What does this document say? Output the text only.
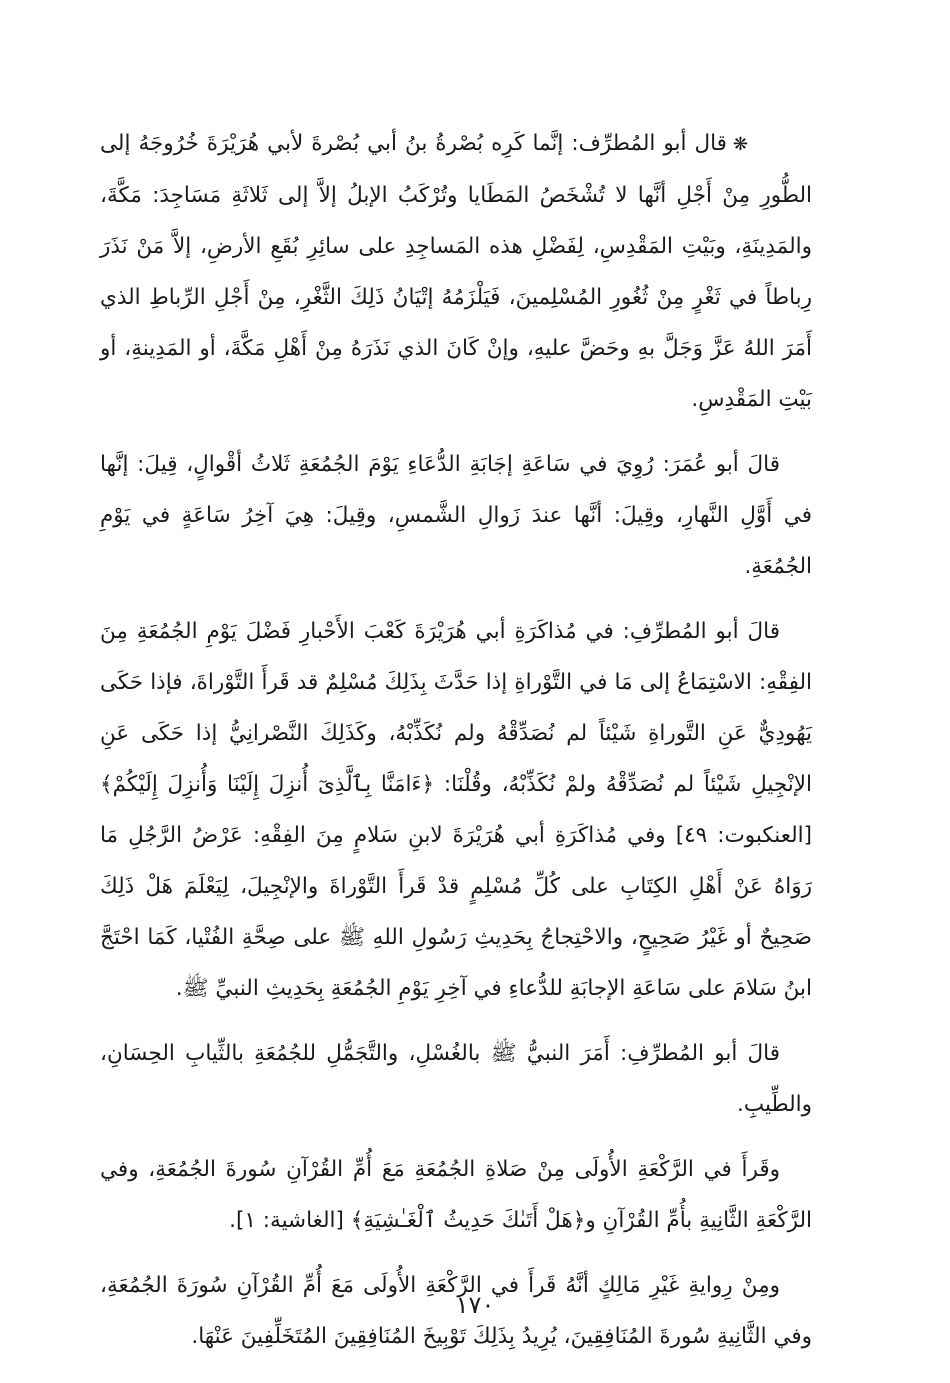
❋قال أبو المُطرِّف: إنَّما كَرِه بُصْرةُ بنُ أبي بُصْرةَ لأبي هُرَيْرَةَ خُرُوجَهُ إلى الطُّورِ مِنْ أَجْلِ أنَّها لا تُشْخَصُ المَطَايا وتُرْكَبُ الإبلُ إلاَّ إلى ثَلاثَةِ مَسَاجِدَ: مَكَّةَ، والمَدِينَةِ، وبَيْتِ المَقْدِسِ، لِفَضْلِ هذه المَساجِدِ على سائِرِ بُقَعِ الأرضِ، إلاَّ مَنْ نَذَرَ رِباطاً في ثَغْرٍ مِنْ ثُغُورِ المُسْلِمينَ، فَيَلْزَمُهُ إتْيَانُ ذَلِكَ الثَّغْرِ، مِنْ أَجْلِ الرِّباطِ الذي أَمَرَ اللهُ عَزَّ وَجَلَّ بهِ وحَضَّ عليهِ، وإنْ كَانَ الذي نَذَرَهُ مِنْ أَهْلِ مَكَّةَ، أو المَدِينةِ، أو بَيْتِ المَقْدِسِ.

قالَ أبو عُمَرَ: رُوِيَ في سَاعَةِ إجَابَةِ الدُّعَاءِ يَوْمَ الجُمُعَةِ ثَلاثُ أقْوالٍ، قِيلَ: إنَّها في أَوَّلِ النَّهارِ، وقِيلَ: أنَّها عندَ زَوالِ الشَّمسِ، وقِيلَ: هِيَ آخِرُ سَاعَةٍ في يَوْمِ الجُمُعَةِ.

قالَ أبو المُطرِّفِ: في مُذاكَرَةِ أبي هُرَيْرَةَ كَعْبَ الأَحْبارِ فَضْلَ يَوْمِ الجُمُعَةِ مِنَ الفِقْهِ: الاسْتِمَاعُ إلى مَا في التَّوْراةِ إذا حَدَّثَ بِذَلِكَ مُسْلِمٌ قد قَرأَ التَّوْراةَ، فإذا حَكَى يَهُودِيٌّ عَنِ التَّوراةِ شَيْئاً لم نُصَدِّقْهُ ولم نُكَذِّبْهُ، وكَذَلِكَ النَّصْرانِيُّ إذا حَكَى عَنِ الإنْجِيلِ شَيْئاً لم نُصَدِّقْهُ ولمْ نُكَذِّبْهُ، وقُلْنَا: ﴿ءَامَنَّا بِٱلَّذِىٓ أُنزِلَ إِلَيْنَا وَأُنزِلَ إِلَيْكُمْ﴾ [العنكبوت: ٤٩] وفي مُذاكَرَةِ أبي هُرَيْرَةَ لابنِ سَلامٍ مِنَ الفِقْهِ: عَرْضُ الرَّجُلِ مَا رَوَاهُ عَنْ أَهْلِ الكِتَابِ على كُلِّ مُسْلِمٍ قدْ قَرأَ التَّوْراةَ والإنْجِيلَ، لِيَعْلَمَ هَلْ ذَلِكَ صَحِيحٌ أو غَيْرُ صَحِيحٍ، والاحْتِجاجُ بِحَدِيثِ رَسُولِ اللهِ ﷺ على صِحَّةِ الفُتْيا، كَمَا احْتَجَّ ابنُ سَلامَ على سَاعَةِ الإجابَةِ للدُّعاءِ في آخِرِ يَوْمِ الجُمُعَةِ بِحَدِيثِ النبيِّ ﷺ.

قالَ أبو المُطرِّفِ: أَمَرَ النبيُّ ﷺ بالغُسْلِ، والتَّجَمُّلِ للجُمُعَةِ بالثِّيابِ الحِسَانِ، والطِّيبِ.

وقَرأَ في الرَّكْعَةِ الأُولَى مِنْ صَلاةِ الجُمُعَةِ مَعَ أُمِّ القُرْآنِ سُورةَ الجُمُعَةِ، وفي الرَّكْعَةِ الثَّانِيةِ بأُمِّ القُرْآنِ و﴿هَلْ أَتَىٰكَ حَدِيثُ ٱلْغَـٰشِيَةِ﴾ [الغاشية: ١].

ومِنْ رِوايةِ غَيْرِ مَالِكٍ أنَّهُ قَرأَ في الرَّكْعَةِ الأُولَى مَعَ أُمِّ القُرْآنِ سُورَةَ الجُمُعَةِ، وفي الثَّانِيةِ سُورةَ المُنَافِقِينَ، يُرِيدُ بِذَلِكَ تَوْبِيخَ المُنَافِقِينَ المُتَخَلِّفِينَ عَنْهَا.

١٧٠
